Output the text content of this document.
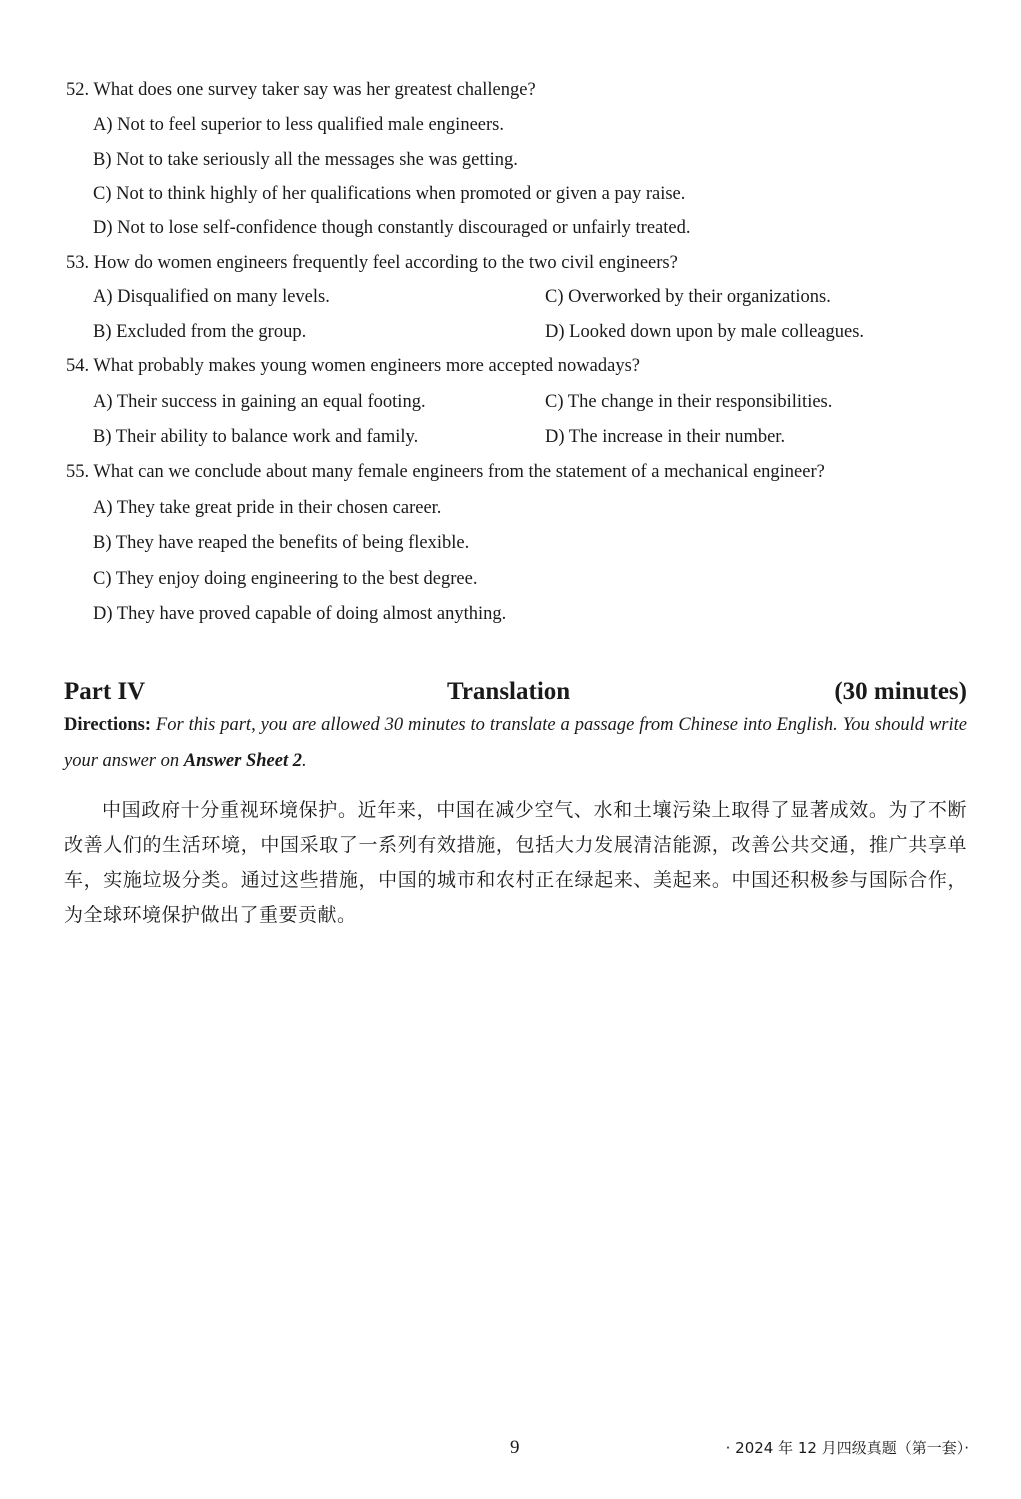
52. What does one survey taker say was her greatest challenge?
A) Not to feel superior to less qualified male engineers.
B) Not to take seriously all the messages she was getting.
C) Not to think highly of her qualifications when promoted or given a pay raise.
D) Not to lose self-confidence though constantly discouraged or unfairly treated.
53. How do women engineers frequently feel according to the two civil engineers?
A) Disqualified on many levels.	C) Overworked by their organizations.
B) Excluded from the group.	D) Looked down upon by male colleagues.
54. What probably makes young women engineers more accepted nowadays?
A) Their success in gaining an equal footing.	C) The change in their responsibilities.
B) Their ability to balance work and family.	D) The increase in their number.
55. What can we conclude about many female engineers from the statement of a mechanical engineer?
A) They take great pride in their chosen career.
B) They have reaped the benefits of being flexible.
C) They enjoy doing engineering to the best degree.
D) They have proved capable of doing almost anything.
Part IV	Translation	(30 minutes)
Directions: For this part, you are allowed 30 minutes to translate a passage from Chinese into English. You should write your answer on Answer Sheet 2.
中国政府十分重视环境保护。近年来，中国在减少空气、水和土壤污染上取得了显著成效。为了不断改善人们的生活环境，中国采取了一系列有效措施，包括大力发展清洁能源，改善公共交通，推广共享单车，实施垃圾分类。通过这些措施，中国的城市和农村正在绿起来、美起来。中国还积极参与国际合作，为全球环境保护做出了重要贡献。
9	· 2024 年 12 月四级真题（第一套）·
